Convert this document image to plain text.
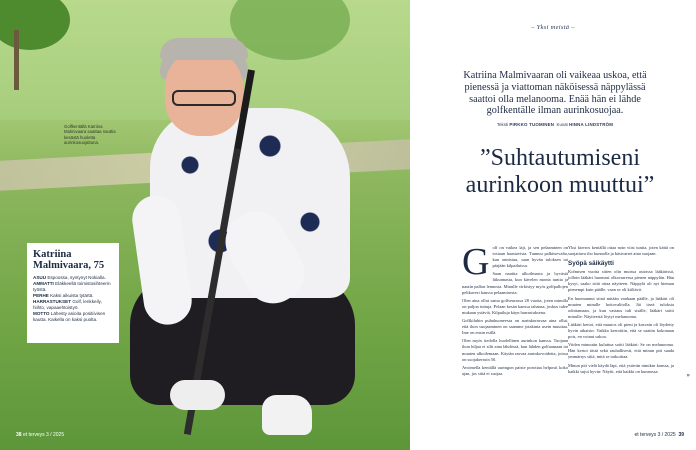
Golfkentällä Katriina Malmivaara saattaa nauttia kesästä huoletta aurinkosuojattuna.
Katriina Malmivaara, 75
ASUU Espoossa, syntynyt Nokialla.
AMMATTI Eläkkeellä toimistosihteerin työstä.
PERHE Kaksi aikuista tytärtä.
HARRASTUKSET Golf, lenkkeily, hiihto, vapaaehtoistyö.
MOTTO Lähesty asioita positiivisen kautta. Kaikella on kaksi puolta.
38 et terveys 3 / 2025
– Yksi meistä –
Katriina Malmivaaran oli vaikeaa uskoa, että pienessä ja viattoman näköisessä näppylässä saattoi olla melanooma. Enää hän ei lähde golfkentälle ilman aurinkosuojaa.
Teksti PIRKKO TUOMINEN Kuvat HINNA LINDSTRÖM
”Suhtautumiseni aurinkoon muuttui”
G olf on vaikea laji, ja sen pelaaminen on tosiaan haastavista. Tunnuu palkitsevalta, kun onnistuu, saan hyvän tuloksen tai pärjään kilpailuissa.

Saan nauttia ulkoilmasta ja hyvästä liikunnasta, kun kävelen monta tuntia ja nautin pallon lennosta. Minulle virkistyy myös golfpallojen pelikaveri kanssa pelaamisesta.

Olen aina ollut sama golfseurassa 28 vuotta, joten minulla on paljon tuttuja. Pelaan kesän kanssa tahansa, joskus tulee mukaan ystäviä. Kilpailuja käyn harrastuksena.

Golfkilubin puhuhuoneessa on aurinkorasvaa aina ollut, että ihon suojaaminen on saamme jotakinta usein muuttaa. Ime on ensin esillä.

Olen myös tiedolla huolellinen aurinkon kanssa. Tuojaan ihon hiljaa ei silti aina lähdössä, kun lähden golfaamaan tai muuten ulkoilemaan. Käytän rasvaa aurinkovoidetta, joissa on suojakerroin 50.

Avoimella kentällä auringon paiste porottaa helposti koko ajan, jos siitä ei suojaa.

Yksi kierros kentällä ottaa noin viisi tuntia, joten kättä on suojattava iho kunnolla ja käsivarret aina suojaan.

Syöpä säikäytti

Kolmisen vuotta sitten olin muissa asioissa lääkärissä, jolloin lääkäri huomasi olkavarressa pienen näppylän. Hän kysyi, saako siitä ottaa näytteen. Näppylä oli nyt hieman pienempi kuin päälle, vaan se oli kiiltävä.

En huomannut siinä mitään vanhaan päälle, ja lääkäri oli muuten minulle hoitovalitolla. Jäi itseä tuloksia odottamaan, ja kun vastaus tuli sisälle, lääkäri soitti minulle: Näytteestä löytyi melanooma.

Lääkäri kertoi, että muutos oli pieni ja kasvain oli löydetty hyvin aikaisin. Vaikka kerrottiin, että se saatiin kokonaan pois, en voinut uskoa.

Viiden minuutin kuluttua soitti lääkäri: Se on melanooma. Hän kertoi tästä sekä rauhallisesti, että minun piti saada ymmärrys siitä, mitä se tarkoittaa.

Minun piti vielä käydä läpi, että ystävän nimikin kanssa, ja kaikki sujui hyvin: Näytti, että kaikki on kunnossa.

»
et terveys 3 / 2025 39
